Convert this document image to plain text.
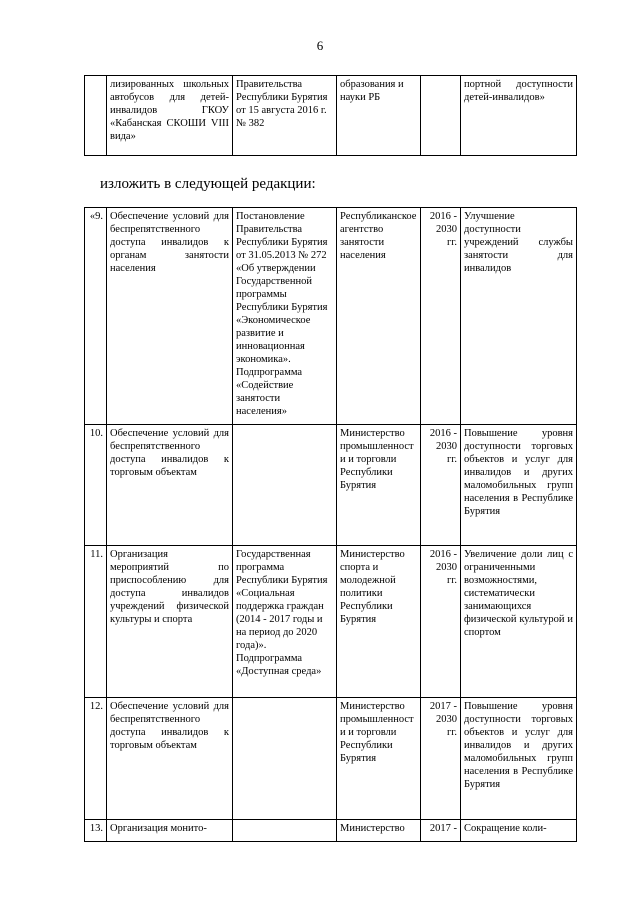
6
	лизированных школьных автобусов для детей-инвалидов ГКОУ «Кабанская СКОШИ VIII вида»	Правительства Республики Бурятия от 15 августа 2016 г. № 382	образования и науки РБ		портной доступности детей-инвалидов»
изложить в следующей редакции:
«9.	Обеспечение условий для беспрепятственного доступа инвалидов к органам занятости населения	Постановление Правительства Республики Бурятия от 31.05.2013 № 272 «Об утверждении Государственной программы Республики Бурятия «Экономическое развитие и инновационная экономика». Подпрограмма «Содействие занятости населения»	Республиканское агентство занятости населения	2016 - 2030 гг.	Улучшение доступности учреждений службы занятости для инвалидов
10.	Обеспечение условий для беспрепятственного доступа инвалидов к торговым объектам		Министерство промышленности и торговли Республики Бурятия	2016 - 2030 гг.	Повышение уровня доступности торговых объектов и услуг для инвалидов и других маломобильных групп населения в Республике Бурятия
11.	Организация мероприятий по приспособлению для доступа инвалидов учреждений физической культуры и спорта	Государственная программа Республики Бурятия «Социальная поддержка граждан (2014 - 2017 годы и на период до 2020 года)». Подпрограмма «Доступная среда»	Министерство спорта и молодежной политики Республики Бурятия	2016 - 2030 гг.	Увеличение доли лиц с ограниченными возможностями, систематически занимающихся физической культурой и спортом
12.	Обеспечение условий для беспрепятственного доступа инвалидов к торговым объектам		Министерство промышленности и торговли Республики Бурятия	2017 - 2030 гг.	Повышение уровня доступности торговых объектов и услуг для инвалидов и других маломобильных групп населения в Республике Бурятия
13.	Организация монито-		Министерство	2017 -	Сокращение коли-
